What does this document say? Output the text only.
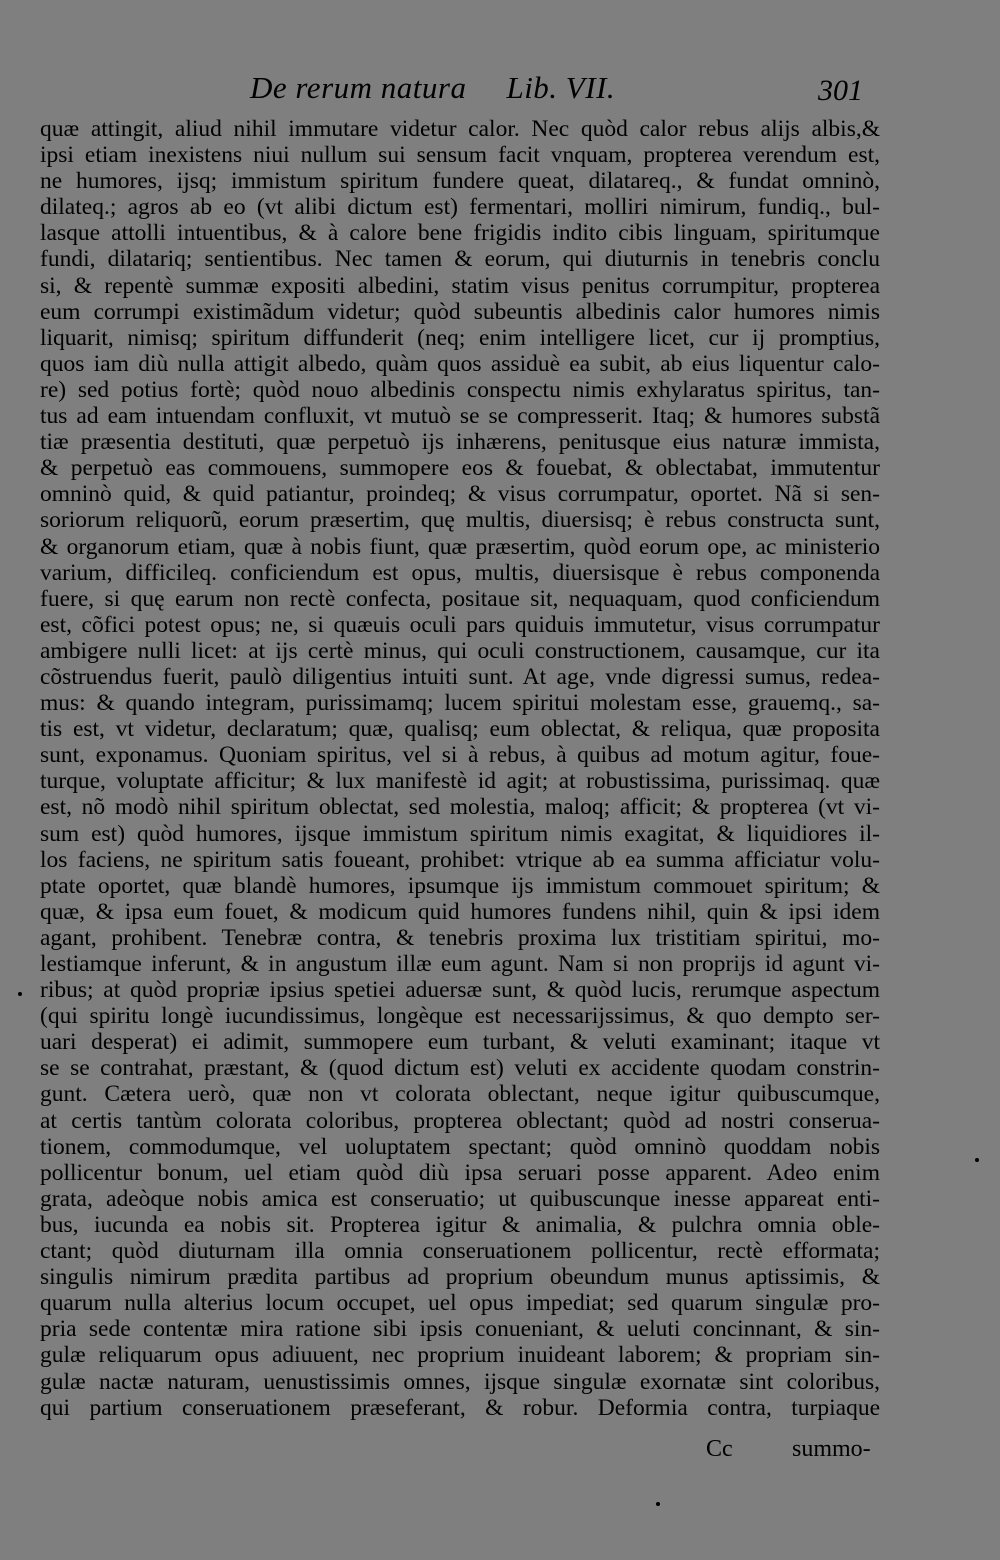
De rerum natura Lib. VII.	301
quæ attingit, aliud nihil immutare videtur calor. Nec quòd calor rebus alijs albis,&
ipsi etiam inexistens niui nullum sui sensum facit vnquam, propterea verendum est,
ne humores, ijsq; immistum spiritum fundere queat, dilatareq., & fundat omninò,
dilateq.; agros ab eo (vt alibi dictum est) fermentari, molliri nimirum, fundiq., bul-
lasque attolli intuentibus, & à calore bene frigidis indito cibis linguam, spiritumque
fundi, dilatariq; sentientibus. Nec tamen & eorum, qui diuturnis in tenebris conclu
si, & repentè summæ expositi albedini, statim visus penitus corrumpitur, propterea
eum corrumpi existimãdum videtur; quòd subeuntis albedinis calor humores nimis
liquarit, nimisq; spiritum diffunderit (neq; enim intelligere licet, cur ij promptius,
quos iam diù nulla attigit albedo, quàm quos assiduè ea subit, ab eius liquentur calo-
re) sed potius fortè; quòd nouo albedinis conspectu nimis exhylaratus spiritus, tan-
tus ad eam intuendam confluxit, vt mutuò se se compresserit. Itaq; & humores substã
tiæ præsentia destituti, quæ perpetuò ijs inhærens, penitusque eius naturæ immista,
& perpetuò eas commouens, summopere eos & fouebat, & oblectabat, immutentur
omninò quid, & quid patiantur, proindeq; & visus corrumpatur, oportet. Nã si sen-
soriorum reliquorũ, eorum præsertim, quę multis, diuersisq; è rebus constructa sunt,
& organorum etiam, quæ à nobis fiunt, quæ præsertim, quòd eorum ope, ac ministerio
varium, difficileq. conficiendum est opus, multis, diuersisque è rebus componenda
fuere, si quę earum non rectè confecta, positaue sit, nequaquam, quod conficiendum
est, cõfici potest opus; ne, si quæuis oculi pars quiduis immutetur, visus corrumpatur
ambigere nulli licet: at ijs certè minus, qui oculi constructionem, causamque, cur ita
cõstruendus fuerit, paulò diligentius intuiti sunt. At age, vnde digressi sumus, redea-
mus: & quando integram, purissimamq; lucem spiritui molestam esse, grauemq., sa-
tis est, vt videtur, declaratum; quæ, qualisq; eum oblectat, & reliqua, quæ proposita
sunt, exponamus. Quoniam spiritus, vel si à rebus, à quibus ad motum agitur, foue-
turque, voluptate afficitur; & lux manifestè id agit; at robustissima, purissimaq. quæ
est, nõ modò nihil spiritum oblectat, sed molestia, maloq; afficit; & propterea (vt vi-
sum est) quòd humores, ijsque immistum spiritum nimis exagitat, & liquidiores il-
los faciens, ne spiritum satis foueant, prohibet: vtrique ab ea summa afficiatur volu-
ptate oportet, quæ blandè humores, ipsumque ijs immistum commouet spiritum; &
quæ, & ipsa eum fouet, & modicum quid humores fundens nihil, quin & ipsi idem
agant, prohibent. Tenebræ contra, & tenebris proxima lux tristitiam spiritui, mo-
lestiamque inferunt, & in angustum illæ eum agunt. Nam si non proprijs id agunt vi-
ribus; at quòd propriæ ipsius spetiei aduersæ sunt, & quòd lucis, rerumque aspectum
(qui spiritu longè iucundissimus, longèque est necessarijssimus, & quo dempto ser-
uari desperat) ei adimit, summopere eum turbant, & veluti examinant; itaque vt
se se contrahat, præstant, & (quod dictum est) veluti ex accidente quodam constrin-
gunt. Cætera uerò, quæ non vt colorata oblectant, neque igitur quibuscumque,
at certis tantùm colorata coloribus, propterea oblectant; quòd ad nostri conserua-
tionem, commodumque, vel uoluptatem spectant; quòd omninò quoddam nobis
pollicentur bonum, uel etiam quòd diù ipsa seruari posse apparent. Adeo enim
grata, adeòque nobis amica est conseruatio; ut quibuscunque inesse appareat enti-
bus, iucunda ea nobis sit. Propterea igitur & animalia, & pulchra omnia oble-
ctant; quòd diuturnam illa omnia conseruationem pollicentur, rectè efformata;
singulis nimirum prædita partibus ad proprium obeundum munus aptissimis, &
quarum nulla alterius locum occupet, uel opus impediat; sed quarum singulæ pro-
pria sede contentæ mira ratione sibi ipsis conueniant, & ueluti concinnant, & sin-
gulæ reliquarum opus adiuuent, nec proprium inuideant laborem; & propriam sin-
gulæ nactæ naturam, uenustissimis omnes, ijsque singulæ exornatæ sint coloribus,
qui partium conseruationem præseferant, & robur. Deformia contra, turpiaque
Cc summo-
